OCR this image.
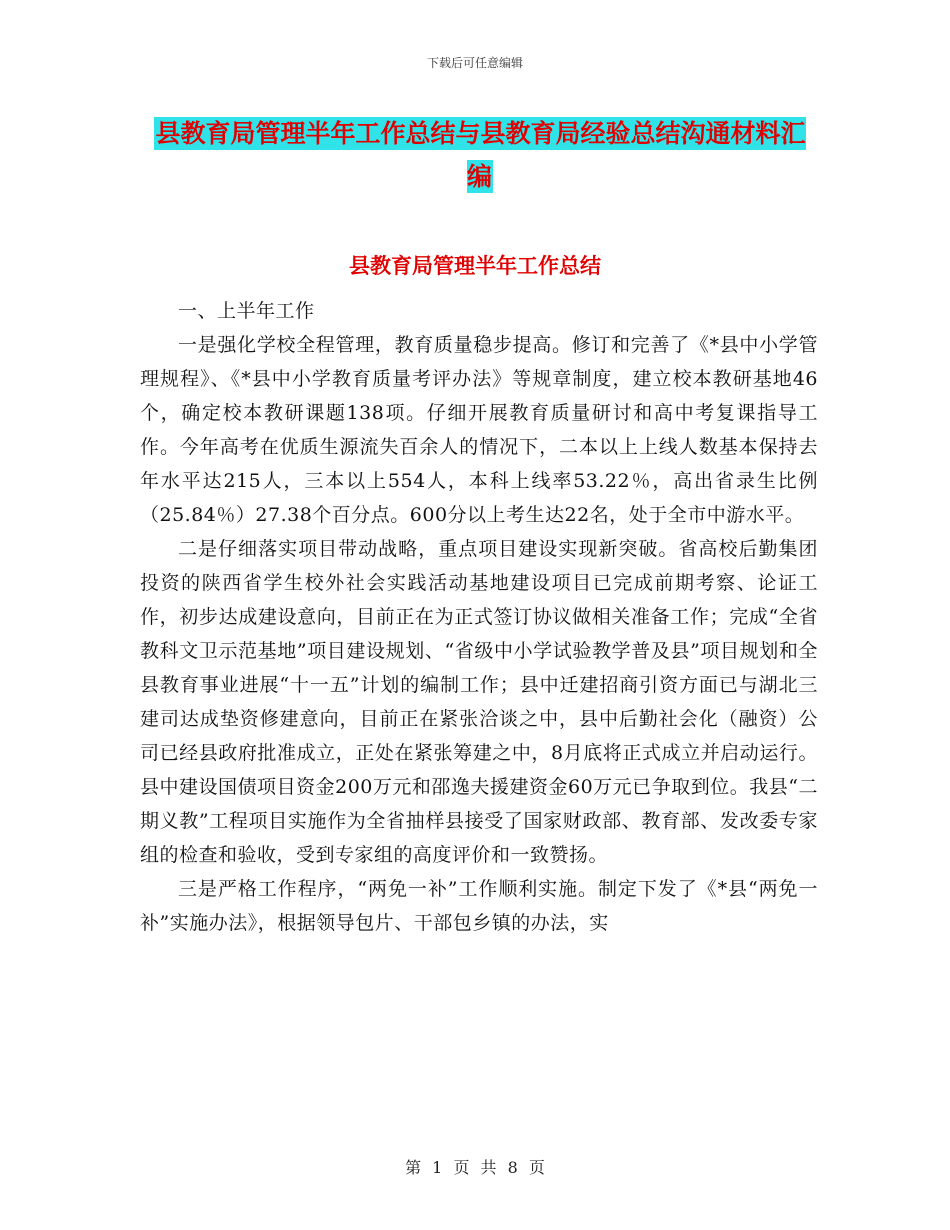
下载后可任意编辑
县教育局管理半年工作总结与县教育局经验总结沟通材料汇编
县教育局管理半年工作总结

一、上半年工作

一是强化学校全程管理，教育质量稳步提高。修订和完善了《*县中小学管理规程》、《*县中小学教育质量考评办法》等规章制度，建立校本教研基地46个，确定校本教研课题138项。仔细开展教育质量研讨和高中考复课指导工作。今年高考在优质生源流失百余人的情况下，二本以上上线人数基本保持去年水平达215人，三本以上554人，本科上线率53.22％，高出省录生比例（25.84％）27.38个百分点。600分以上考生达22名，处于全市中游水平。

二是仔细落实项目带动战略，重点项目建设实现新突破。省高校后勤集团投资的陕西省学生校外社会实践活动基地建设项目已完成前期考察、论证工作，初步达成建设意向，目前正在为正式签订协议做相关准备工作；完成“全省教科文卫示范基地”项目建设规划、“省级中小学试验教学普及县”项目规划和全县教育事业进展“十一五”计划的编制工作；县中迁建招商引资方面已与湖北三建司达成垫资修建意向，目前正在紧张洽谈之中，县中后勤社会化（融资）公司已经县政府批准成立，正处在紧张筹建之中，8月底将正式成立并启动运行。县中建设国债项目资金200万元和邵逸夫援建资金60万元已争取到位。我县“二期义教”工程项目实施作为全省抽样县接受了国家财政部、教育部、发改委专家组的检查和验收，受到专家组的高度评价和一致赞扬。

三是严格工作程序，“两免一补”工作顺利实施。制定下发了《*县“两免一补”实施办法》，根据领导包片、干部包乡镇的办法，实

第 1 页 共 8 页
